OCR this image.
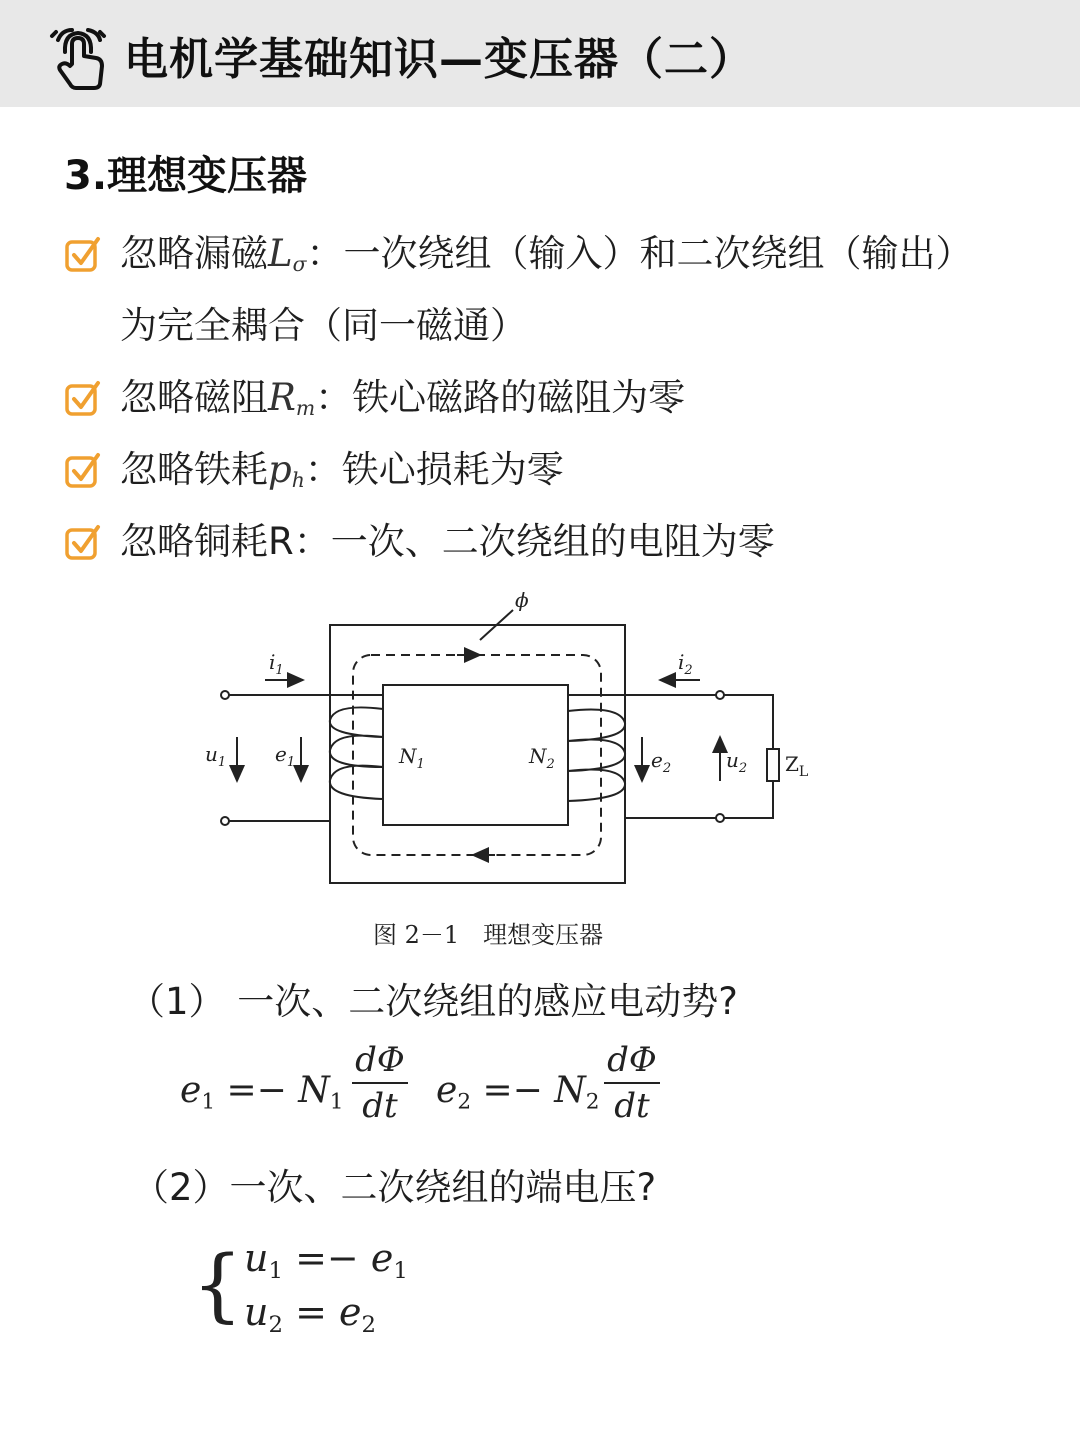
电机学基础知识—变压器（二）
3.理想变压器
忽略漏磁$L_\sigma$：一次绕组（输入）和二次绕组（输出）
为完全耦合（同一磁通）
忽略磁阻$R_m$：铁心磁路的磁阻为零
忽略铁耗$p_h$：铁心损耗为零
忽略铜耗R：一次、二次绕组的电阻为零
ϕ
$i_1$	$i_2$
$u_1$ $e_1$	$N_1$	$N_2$	$e_2$	$u_2$ $Z_L$
图 2－1　理想变压器
（1） 一次、二次绕组的感应电动势?
$e_1 =- N_1$
dΦ
dt $e_2 =- N_2$
dΦ
dt
（2）一次、二次绕组的端电压?
{ $u_1 =- e_1$
$u_2 = e_2$
